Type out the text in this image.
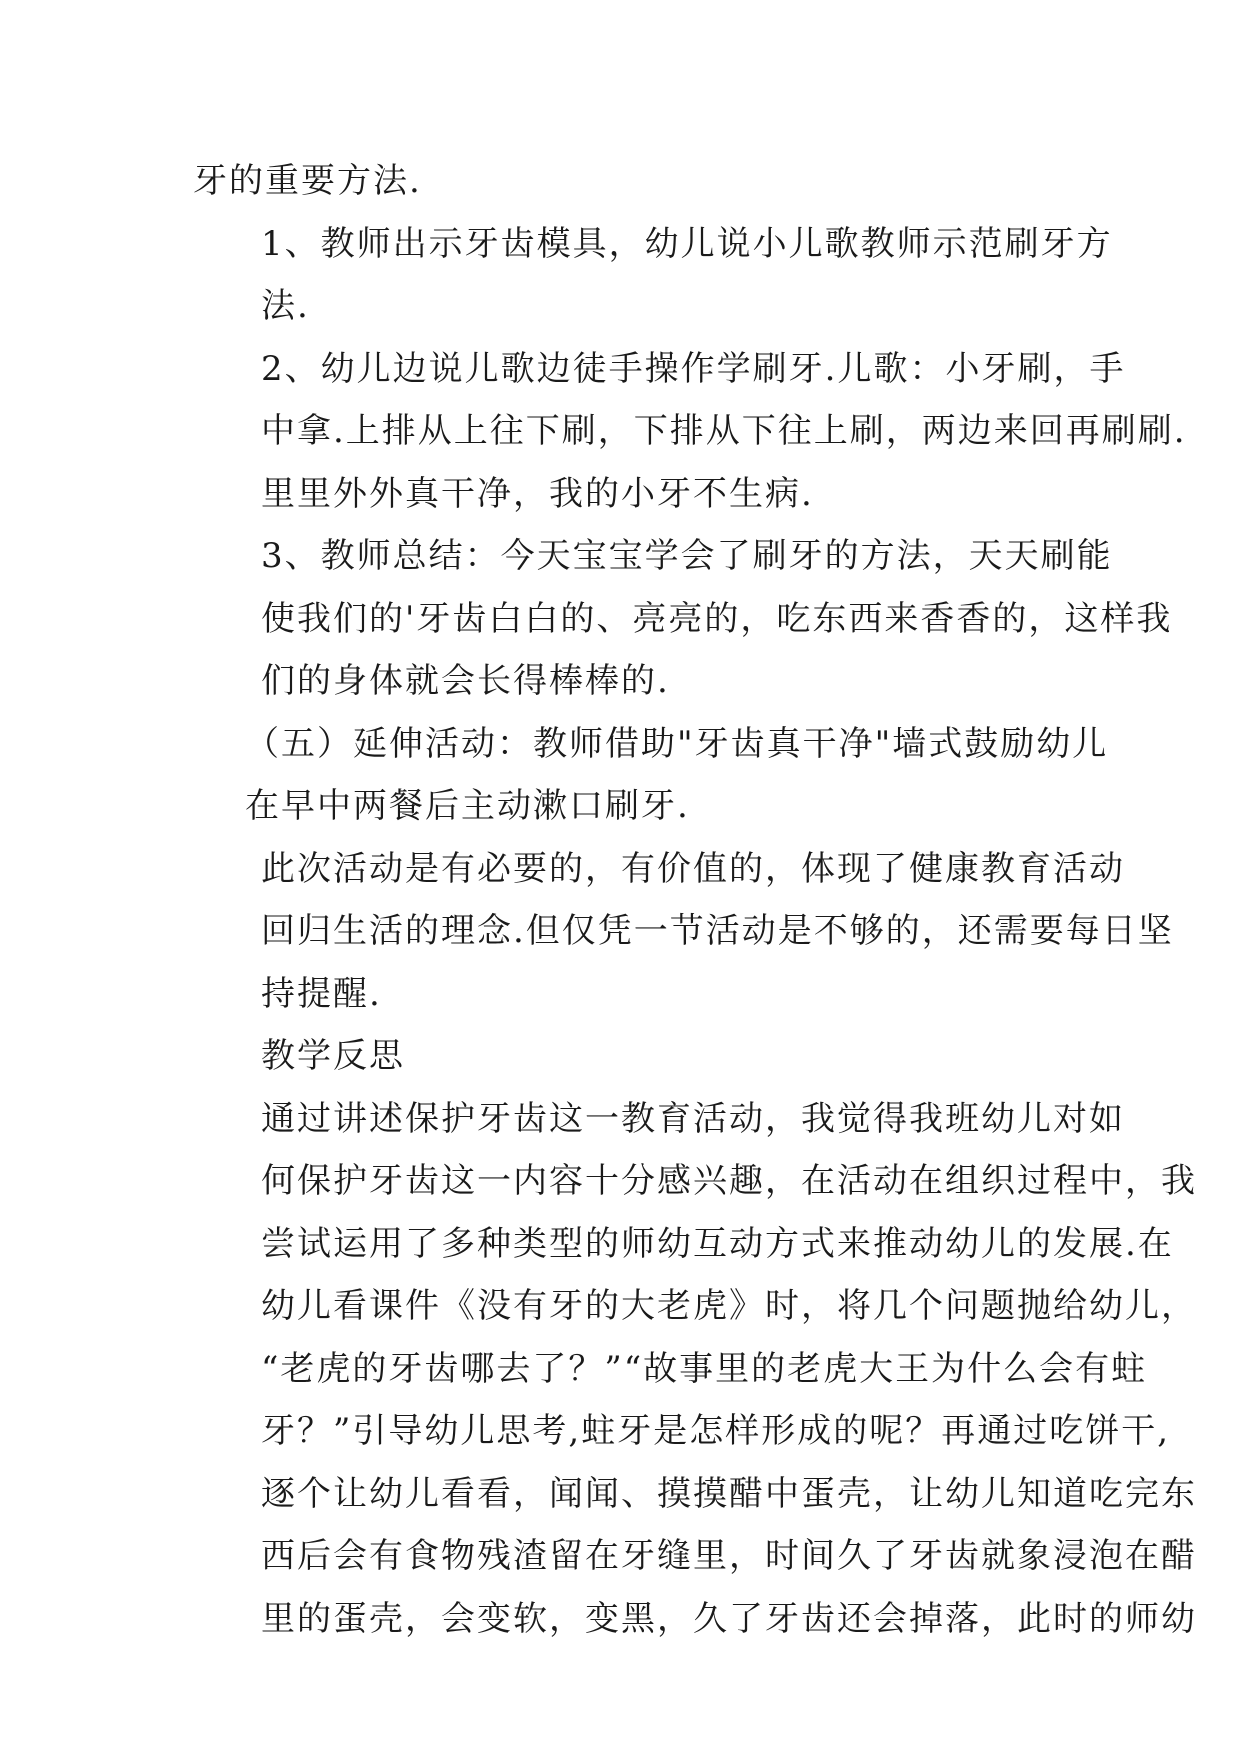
牙的重要方法.

1、教师出示牙齿模具，幼儿说小儿歌教师示范刷牙方
法.

2、幼儿边说儿歌边徒手操作学刷牙.儿歌：小牙刷，手
中拿.上排从上往下刷，下排从下往上刷，两边来回再刷刷.
里里外外真干净，我的小牙不生病.

3、教师总结：今天宝宝学会了刷牙的方法，天天刷能
使我们的'牙齿白白的、亮亮的，吃东西来香香的，这样我
们的身体就会长得棒棒的.

（五）延伸活动：教师借助"牙齿真干净"墙式鼓励幼儿
在早中两餐后主动漱口刷牙.

此次活动是有必要的，有价值的，体现了健康教育活动
回归生活的理念.但仅凭一节活动是不够的，还需要每日坚
持提醒.

教学反思

通过讲述保护牙齿这一教育活动，我觉得我班幼儿对如
何保护牙齿这一内容十分感兴趣，在活动在组织过程中，我
尝试运用了多种类型的师幼互动方式来推动幼儿的发展.在
幼儿看课件《没有牙的大老虎》时，将几个问题抛给幼儿，
“老虎的牙齿哪去了？”“故事里的老虎大王为什么会有蛀
牙？”引导幼儿思考,蛀牙是怎样形成的呢？再通过吃饼干,
逐个让幼儿看看，闻闻、摸摸醋中蛋壳，让幼儿知道吃完东
西后会有食物残渣留在牙缝里，时间久了牙齿就象浸泡在醋
里的蛋壳，会变软，变黑，久了牙齿还会掉落，此时的师幼
